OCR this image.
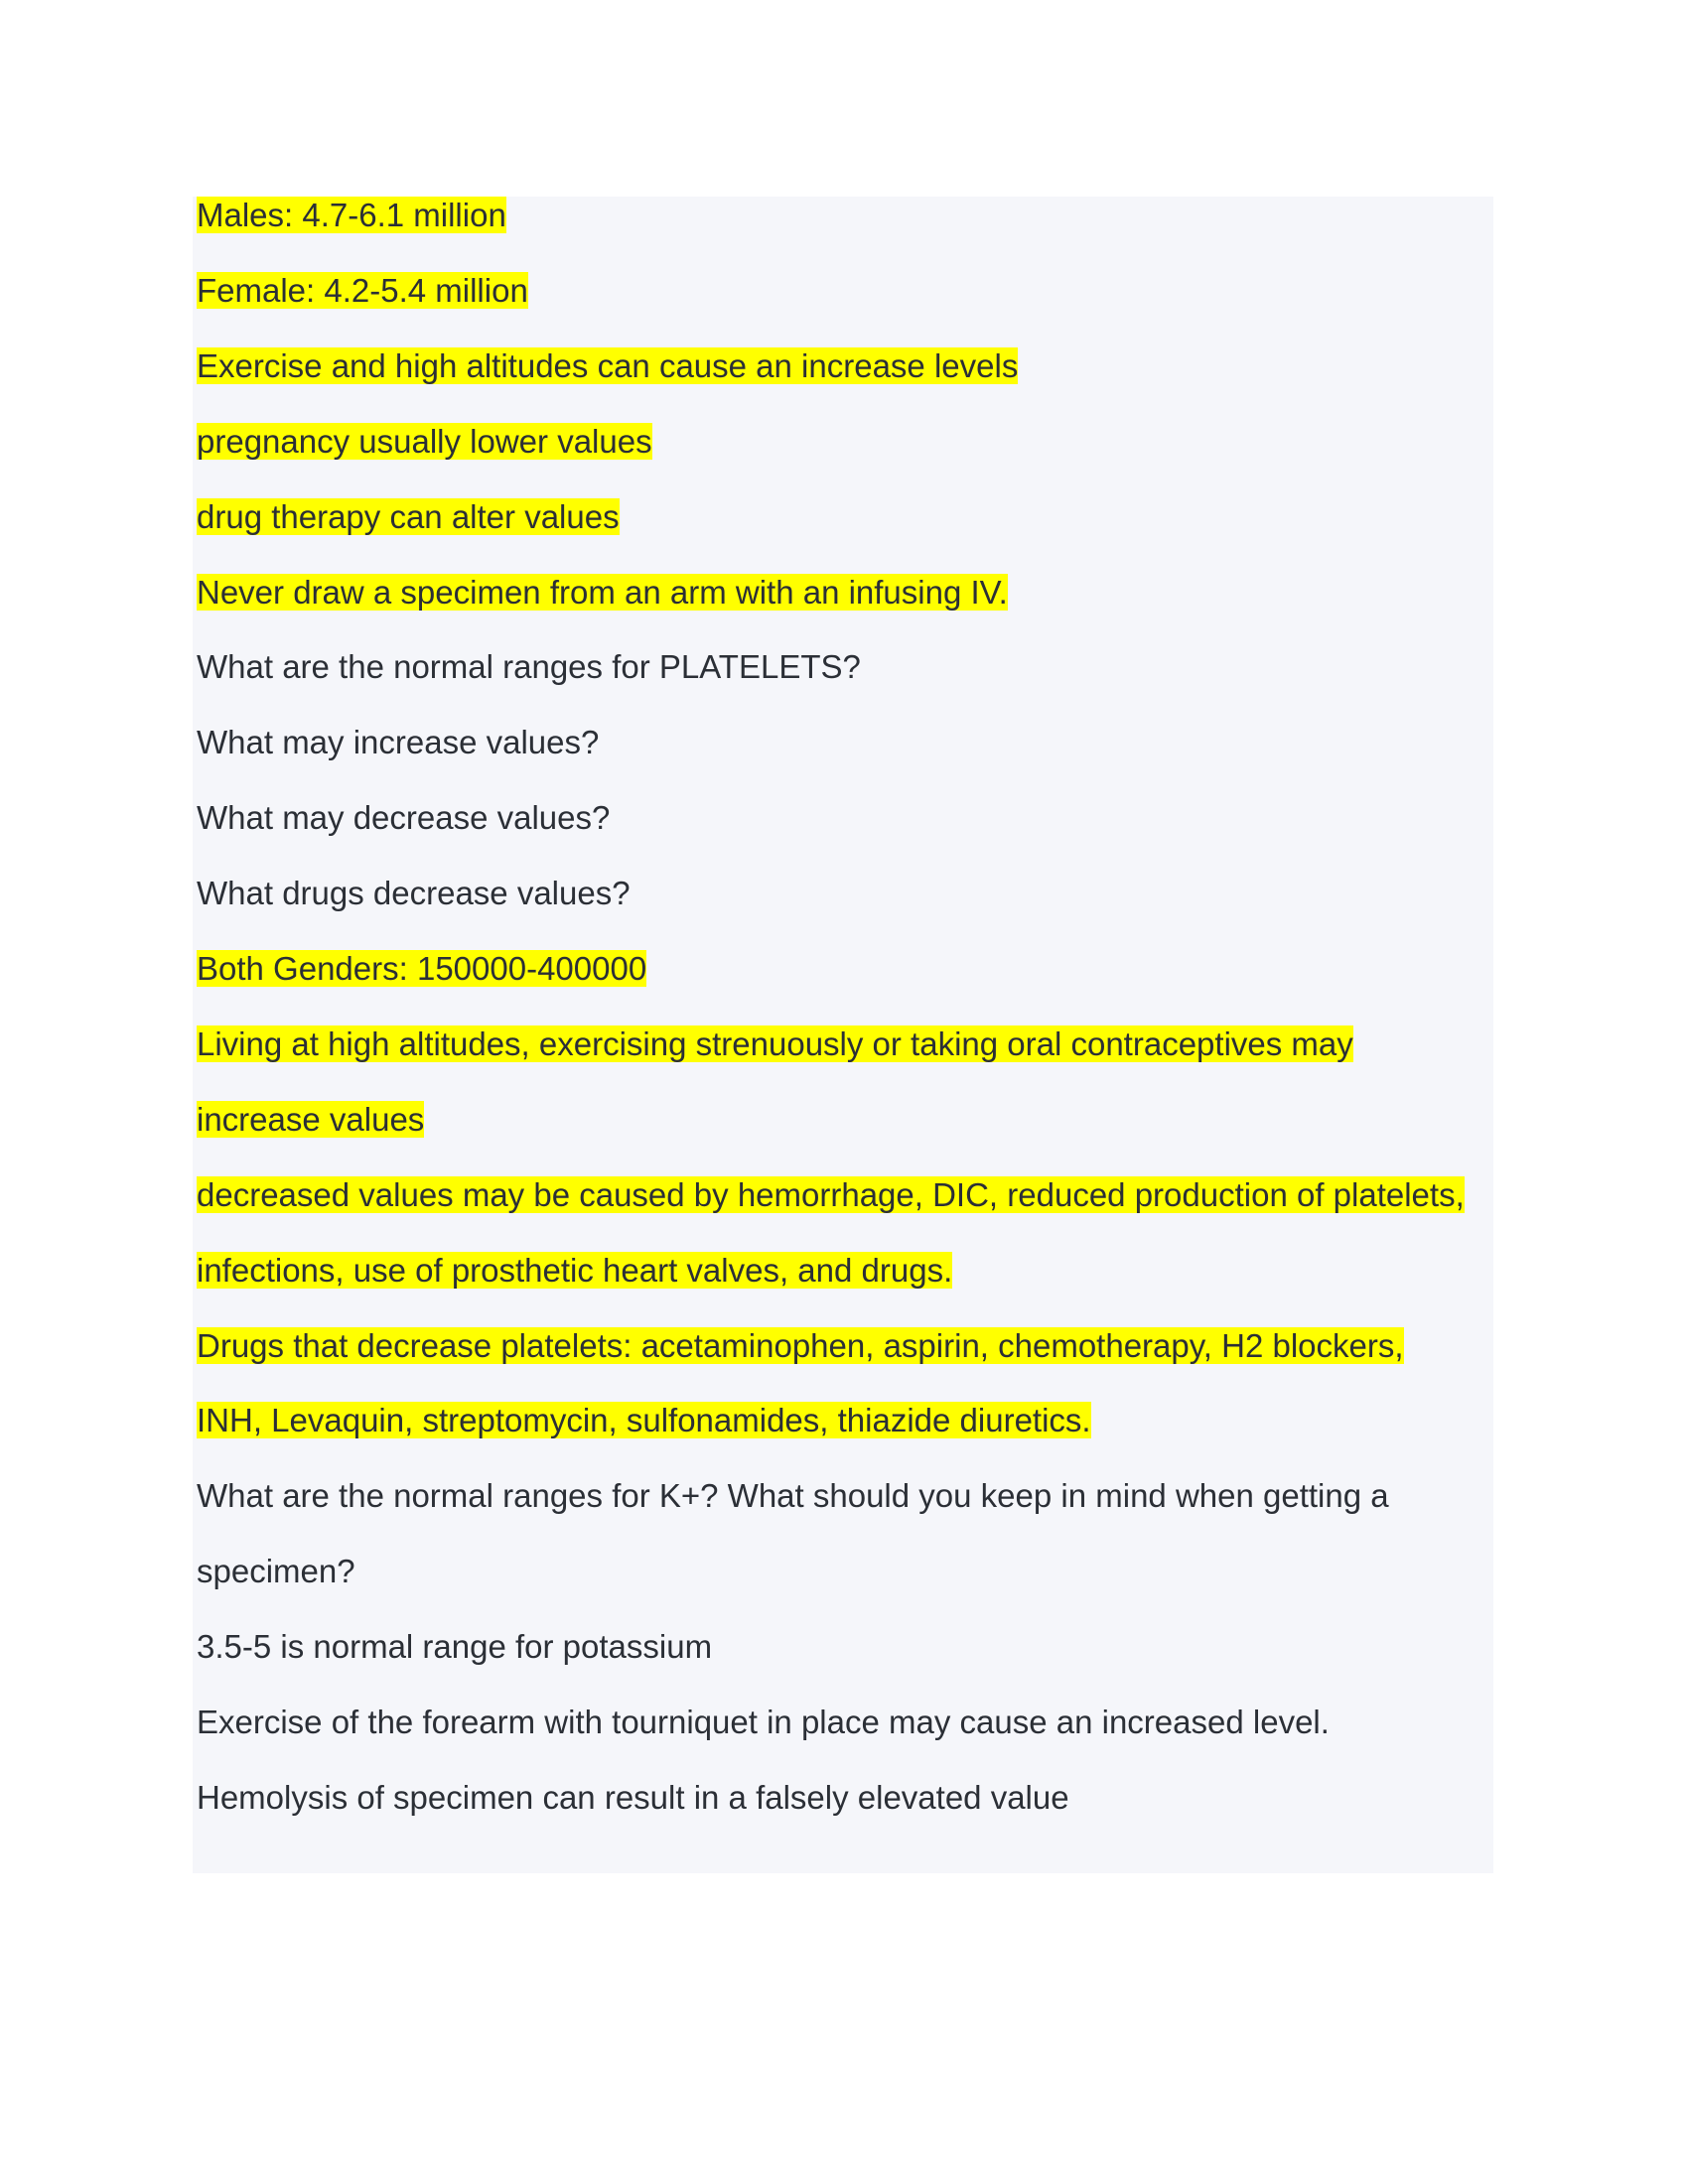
Males: 4.7-6.1 million
Female: 4.2-5.4 million
Exercise and high altitudes can cause an increase levels
pregnancy usually lower values
drug therapy can alter values
Never draw a specimen from an arm with an infusing IV.
What are the normal ranges for PLATELETS?
What may increase values?
What may decrease values?
What drugs decrease values?
Both Genders: 150000-400000
Living at high altitudes, exercising strenuously or taking oral contraceptives may
increase values
decreased values may be caused by hemorrhage, DIC, reduced production of platelets,
infections, use of prosthetic heart valves, and drugs.
Drugs that decrease platelets: acetaminophen, aspirin, chemotherapy, H2 blockers,
INH, Levaquin, streptomycin, sulfonamides, thiazide diuretics.
What are the normal ranges for K+? What should you keep in mind when getting a
specimen?
3.5-5 is normal range for potassium
Exercise of the forearm with tourniquet in place may cause an increased level.
Hemolysis of specimen can result in a falsely elevated value
